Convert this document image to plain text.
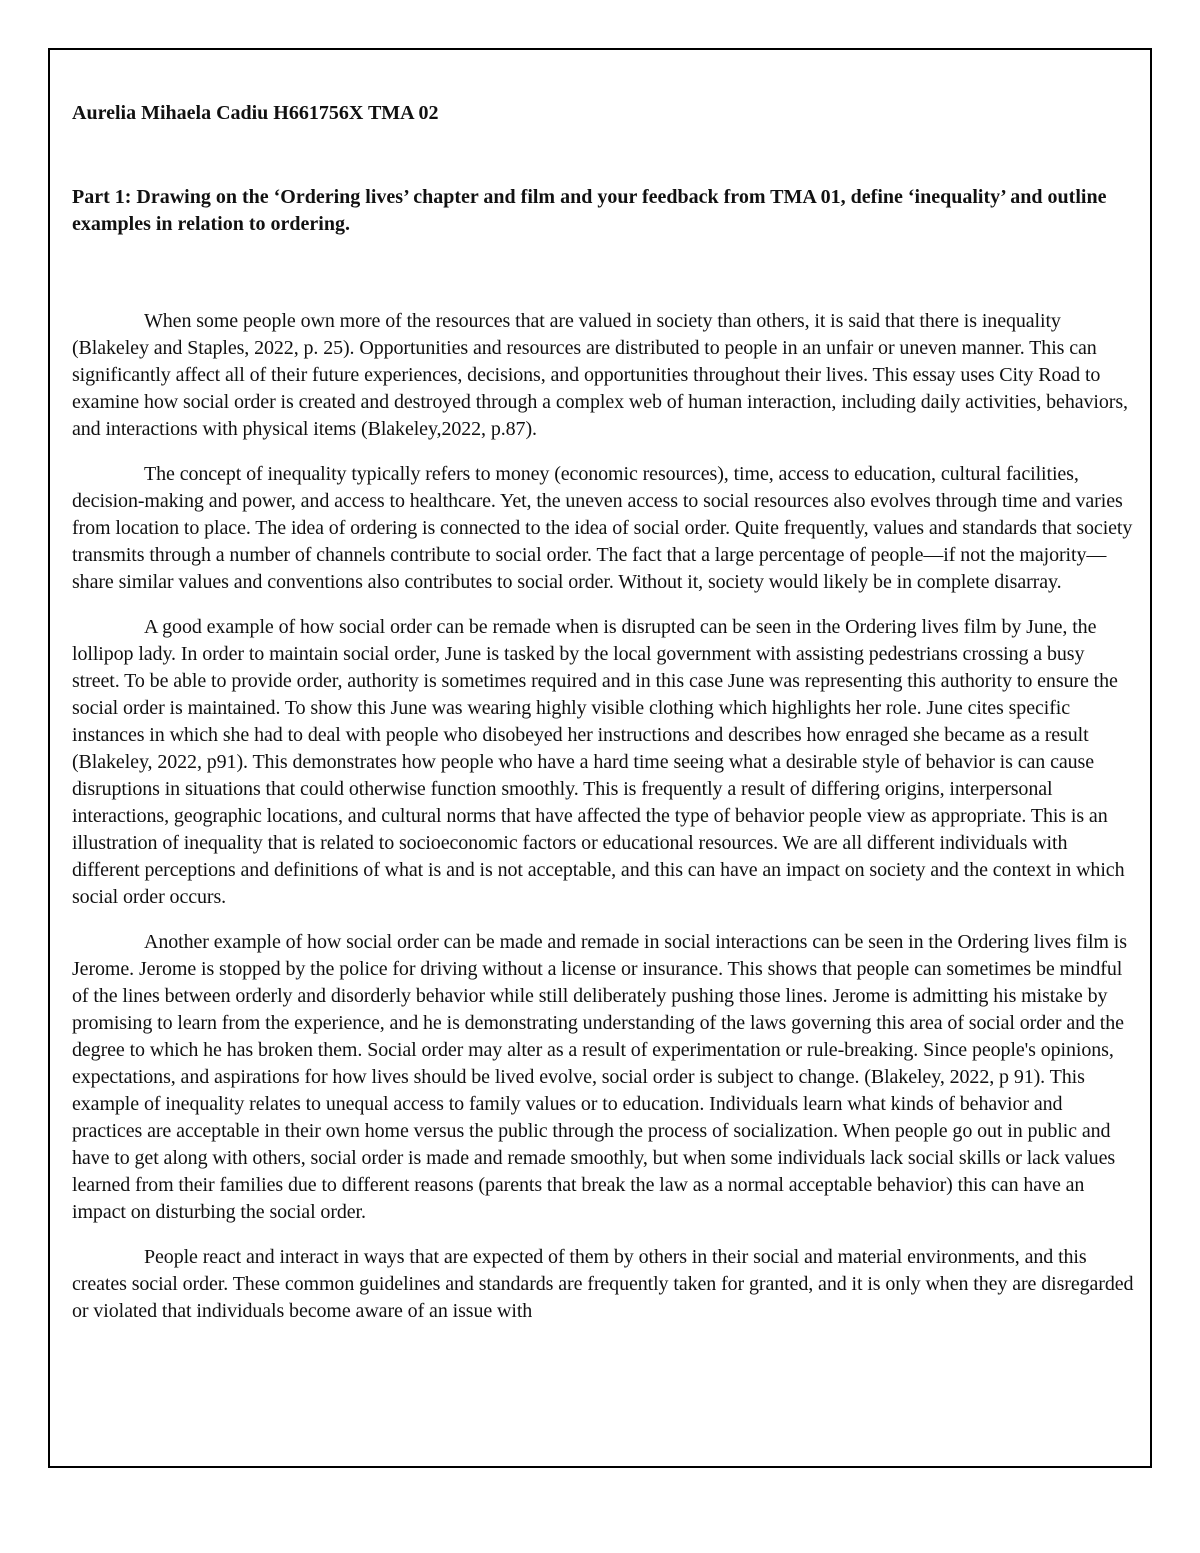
Aurelia Mihaela Cadiu H661756X TMA 02

Part 1: Drawing on the ‘Ordering lives’ chapter and film and your feedback from TMA 01, define ‘inequality’ and outline examples in relation to ordering.

When some people own more of the resources that are valued in society than others, it is said that there is inequality (Blakeley and Staples, 2022, p. 25). Opportunities and resources are distributed to people in an unfair or uneven manner. This can significantly affect all of their future experiences, decisions, and opportunities throughout their lives. This essay uses City Road to examine how social order is created and destroyed through a complex web of human interaction, including daily activities, behaviors, and interactions with physical items (Blakeley,2022, p.87).

The concept of inequality typically refers to money (economic resources), time, access to education, cultural facilities, decision-making and power, and access to healthcare. Yet, the uneven access to social resources also evolves through time and varies from location to place. The idea of ordering is connected to the idea of social order. Quite frequently, values and standards that society transmits through a number of channels contribute to social order. The fact that a large percentage of people—if not the majority—share similar values and conventions also contributes to social order. Without it, society would likely be in complete disarray.

A good example of how social order can be remade when is disrupted can be seen in the Ordering lives film by June, the lollipop lady. In order to maintain social order, June is tasked by the local government with assisting pedestrians crossing a busy street. To be able to provide order, authority is sometimes required and in this case June was representing this authority to ensure the social order is maintained. To show this June was wearing highly visible clothing which highlights her role. June cites specific instances in which she had to deal with people who disobeyed her instructions and describes how enraged she became as a result (Blakeley, 2022, p91). This demonstrates how people who have a hard time seeing what a desirable style of behavior is can cause disruptions in situations that could otherwise function smoothly. This is frequently a result of differing origins, interpersonal interactions, geographic locations, and cultural norms that have affected the type of behavior people view as appropriate. This is an illustration of inequality that is related to socioeconomic factors or educational resources. We are all different individuals with different perceptions and definitions of what is and is not acceptable, and this can have an impact on society and the context in which social order occurs.

Another example of how social order can be made and remade in social interactions can be seen in the Ordering lives film is Jerome. Jerome is stopped by the police for driving without a license or insurance. This shows that people can sometimes be mindful of the lines between orderly and disorderly behavior while still deliberately pushing those lines. Jerome is admitting his mistake by promising to learn from the experience, and he is demonstrating understanding of the laws governing this area of social order and the degree to which he has broken them. Social order may alter as a result of experimentation or rule-breaking. Since people's opinions, expectations, and aspirations for how lives should be lived evolve, social order is subject to change. (Blakeley, 2022, p 91). This example of inequality relates to unequal access to family values or to education. Individuals learn what kinds of behavior and practices are acceptable in their own home versus the public through the process of socialization. When people go out in public and have to get along with others, social order is made and remade smoothly, but when some individuals lack social skills or lack values learned from their families due to different reasons (parents that break the law as a normal acceptable behavior) this can have an impact on disturbing the social order.

People react and interact in ways that are expected of them by others in their social and material environments, and this creates social order. These common guidelines and standards are frequently taken for granted, and it is only when they are disregarded or violated that individuals become aware of an issue with
